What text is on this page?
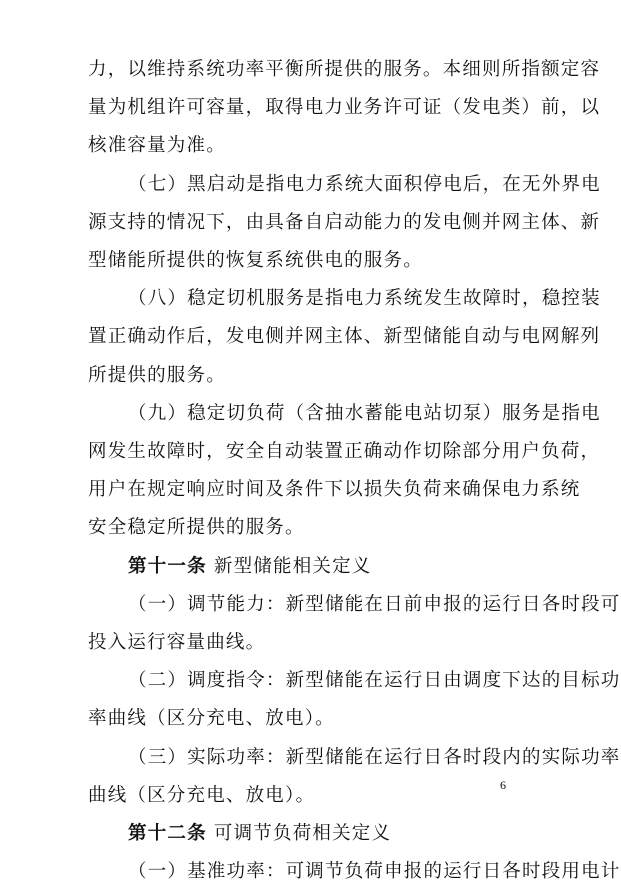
力，以维持系统功率平衡所提供的服务。本细则所指额定容
量为机组许可容量，取得电力业务许可证（发电类）前，以
核准容量为准。
（七）黑启动是指电力系统大面积停电后，在无外界电
源支持的情况下，由具备自启动能力的发电侧并网主体、新
型储能所提供的恢复系统供电的服务。
（八）稳定切机服务是指电力系统发生故障时，稳控装
置正确动作后，发电侧并网主体、新型储能自动与电网解列
所提供的服务。
（九）稳定切负荷（含抽水蓄能电站切泵）服务是指电
网发生故障时，安全自动装置正确动作切除部分用户负荷，
用户在规定响应时间及条件下以损失负荷来确保电力系统
安全稳定所提供的服务。
第十一条 新型储能相关定义
（一）调节能力：新型储能在日前申报的运行日各时段可
投入运行容量曲线。
（二）调度指令：新型储能在运行日由调度下达的目标功
率曲线（区分充电、放电）。
（三）实际功率：新型储能在运行日各时段内的实际功率
曲线（区分充电、放电）。
第十二条 可调节负荷相关定义
（一）基准功率：可调节负荷申报的运行日各时段用电计
6
